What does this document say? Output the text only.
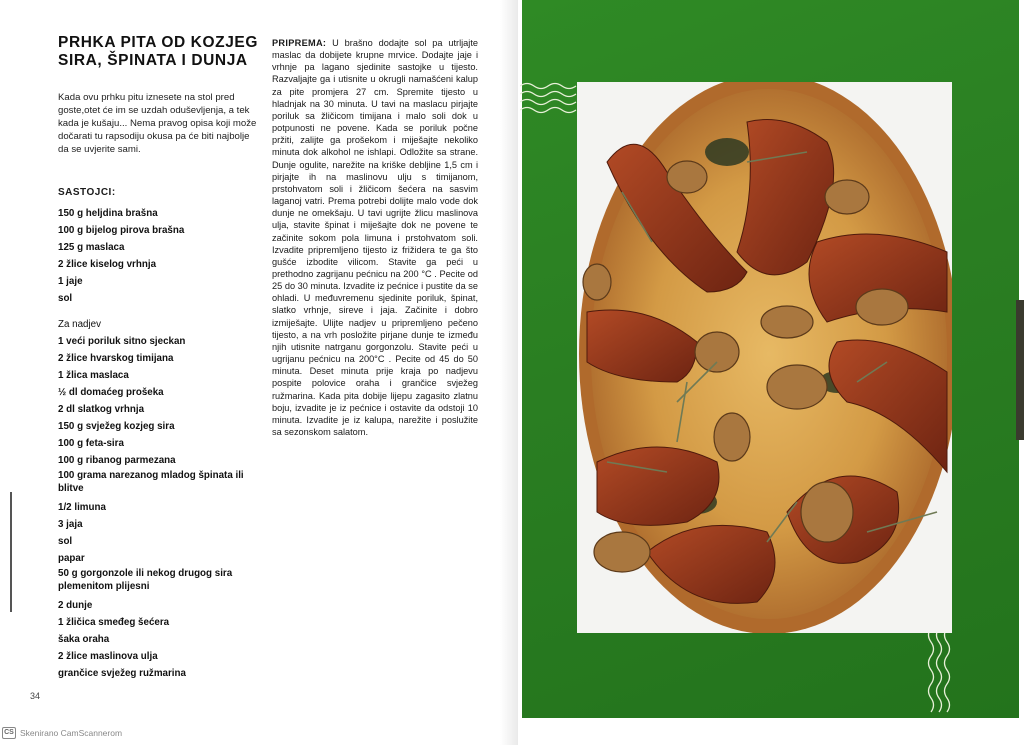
PRHKA PITA OD KOZJEG SIRA, ŠPINATA I DUNJA

Kada ovu prhku pitu iznesete na stol pred goste,otet će im se uzdah oduševljenja, a tek kada je kušaju... Nema pravog opisa koji može dočarati tu rapsodiju okusa pa će biti najbolje da se uvjerite sami.

SASTOJCI:
150 g heljdina brašna
100 g bijelog pirova brašna
125 g maslaca
2 žlice kiselog vrhnja
1 jaje
sol
Za nadjev
1 veći poriluk sitno sjeckan
2 žlice hvarskog timijana
1 žlica maslaca
½ dl domaćeg prošeka
2 dl slatkog vrhnja
150 g svježeg kozjeg sira
100 g feta-sira
100 g ribanog parmezana
100 grama narezanog mladog špinata ili blitve
1/2 limuna
3 jaja
sol
papar
50 g gorgonzole ili nekog drugog sira plemenitom plijesni
2 dunje
1 žličica smeđeg šećera
šaka oraha
2 žlice maslinova ulja
grančice svježeg ružmarina

PRIPREMA: U brašno dodajte sol pa utrljajte maslac da dobijete krupne mrvice. Dodajte jaje i vrhnje pa lagano sjedinite sastojke u tijesto. Razvaljajte ga i utisnite u okrugli namašćeni kalup za pite promjera 27 cm. Spremite tijesto u hladnjak na 30 minuta. U tavi na maslacu pirjajte poriluk sa žličicom timijana i malo soli dok u potpunosti ne povene. Kada se poriluk počne pržiti, zalijte ga prošekom i miješajte nekoliko minuta dok alkohol ne ishlapi. Odložite sa strane. Dunje ogulite, narežite na kriške debljine 1,5 cm i pirjajte ih na maslinovu ulju s timijanom, prstohvatom soli i žličicom šećera na sasvim laganoj vatri. Prema potrebi dolijte malo vode dok dunje ne omekšaju. U tavi ugrijte žlicu maslinova ulja, stavite špinat i miješajte dok ne povene te začinite sokom pola limuna i prstohvatom soli. Izvadite pripremljeno tijesto iz frižidera te ga što gušće izbodite vilicom. Stavite ga peći u prethodno zagrijanu pećnicu na 200 °C . Pecite od 25 do 30 minuta. Izvadite iz pećnice i pustite da se ohladi. U međuvremenu sjedinite poriluk, špinat, slatko vrhnje, sireve i jaja. Začinite i dobro izmiješajte. Ulijte nadjev u pripremljeno pečeno tijesto, a na vrh posložite pirjane dunje te između njih utisnite natrganu gorgonzolu. Stavite peći u ugrijanu pećnicu na 200°C . Pecite od 45 do 50 minuta. Deset minuta prije kraja po nadjevu pospite polovice oraha i grančice svježeg ružmarina. Kada pita dobije lijepu zagasito zlatnu boju, izvadite je iz pećnice i ostavite da odstoji 10 minuta. Izvadite je iz kalupa, narežite i poslužite sa sezonskom salatom.

34
CS Skenirano CamScannerom
